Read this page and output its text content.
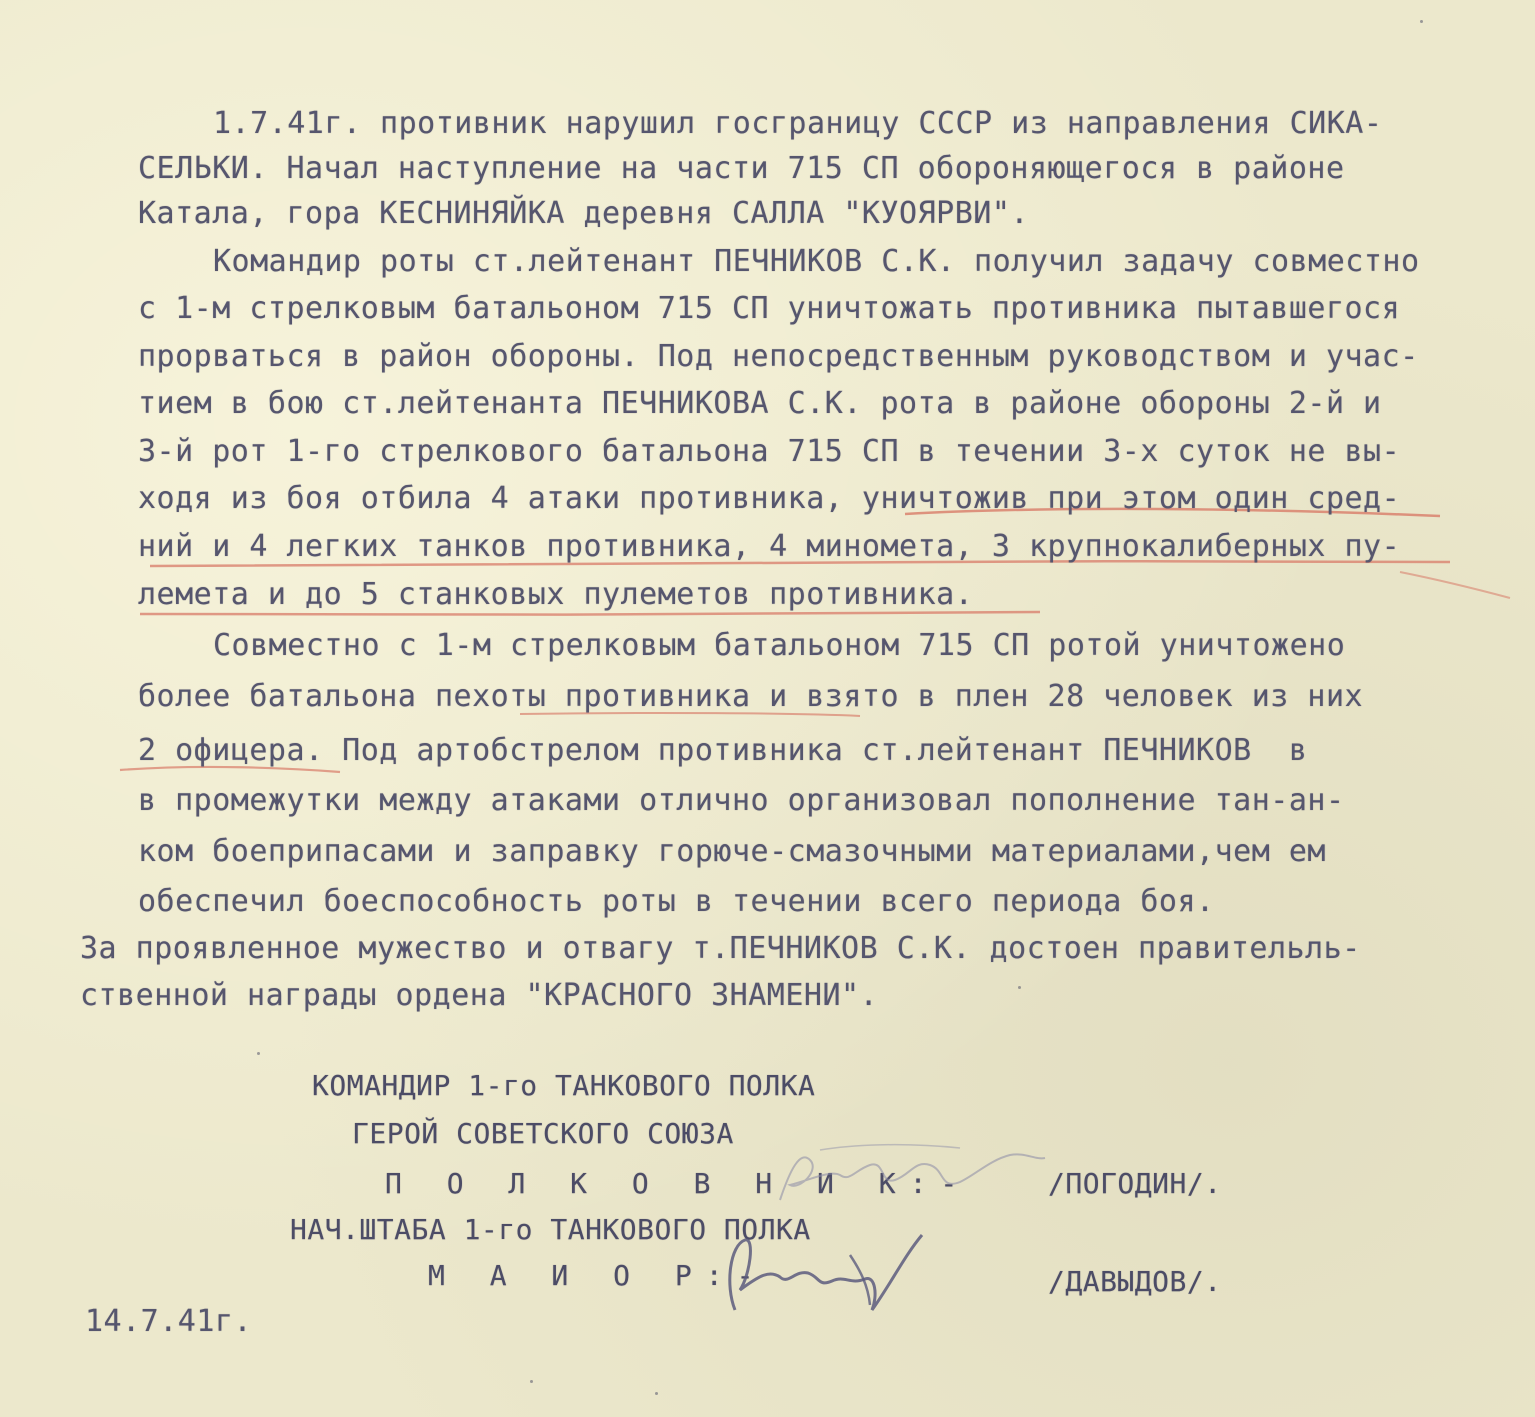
1.7.41г. противник нарушил госграницу СССР из направления СИКА-
СЕЛЬКИ. Начал наступление на части 715 СП обороняющегося в районе
Катала, гора КЕСНИНЯЙКА деревня САЛЛА "КУОЯРВИ".
Командир роты ст.лейтенант ПЕЧНИКОВ С.К. получил задачу совместно
с 1-м стрелковым батальоном 715 СП уничтожать противника пытавшегося
прорваться в район обороны. Под непосредственным руководством и учас-
тием в бою ст.лейтенанта ПЕЧНИКОВА С.К. рота в районе обороны 2-й и
3-й рот 1-го стрелкового батальона 715 СП в течении 3-х суток не вы-
ходя из боя отбила 4 атаки противника, уничтожив при этом один сред-
ний и 4 легких танков противника, 4 миномета, 3 крупнокалиберных пу-
лемета и до 5 станковых пулеметов противника.
Совместно с 1-м стрелковым батальоном 715 СП ротой уничтожено
более батальона пехоты противника и взято в плен 28 человек из них
2 офицера. Под артобстрелом противника ст.лейтенант ПЕЧНИКОВ  в
в промежутки между атаками отлично организовал пополнение тан-ан-
ком боеприпасами и заправку горюче-смазочными материалами,чем ем
обеспечил боеспособность роты в течении всего периода боя.
За проявленное мужество и отвагу т.ПЕЧНИКОВ С.К. достоен правительль-
ственной награды ордена "КРАСНОГО ЗНАМЕНИ".
КОМАНДИР 1-го ТАНКОВОГО ПОЛКА
ГЕРОЙ СОВЕТСКОГО СОЮЗА
П О Л К О В Н И К:-	/ПОГОДИН/.
НАЧ.ШТАБА 1-го ТАНКОВОГО ПОЛКА
М А И О Р:-	/ДАВЫДОВ/.
14.7.41г.
